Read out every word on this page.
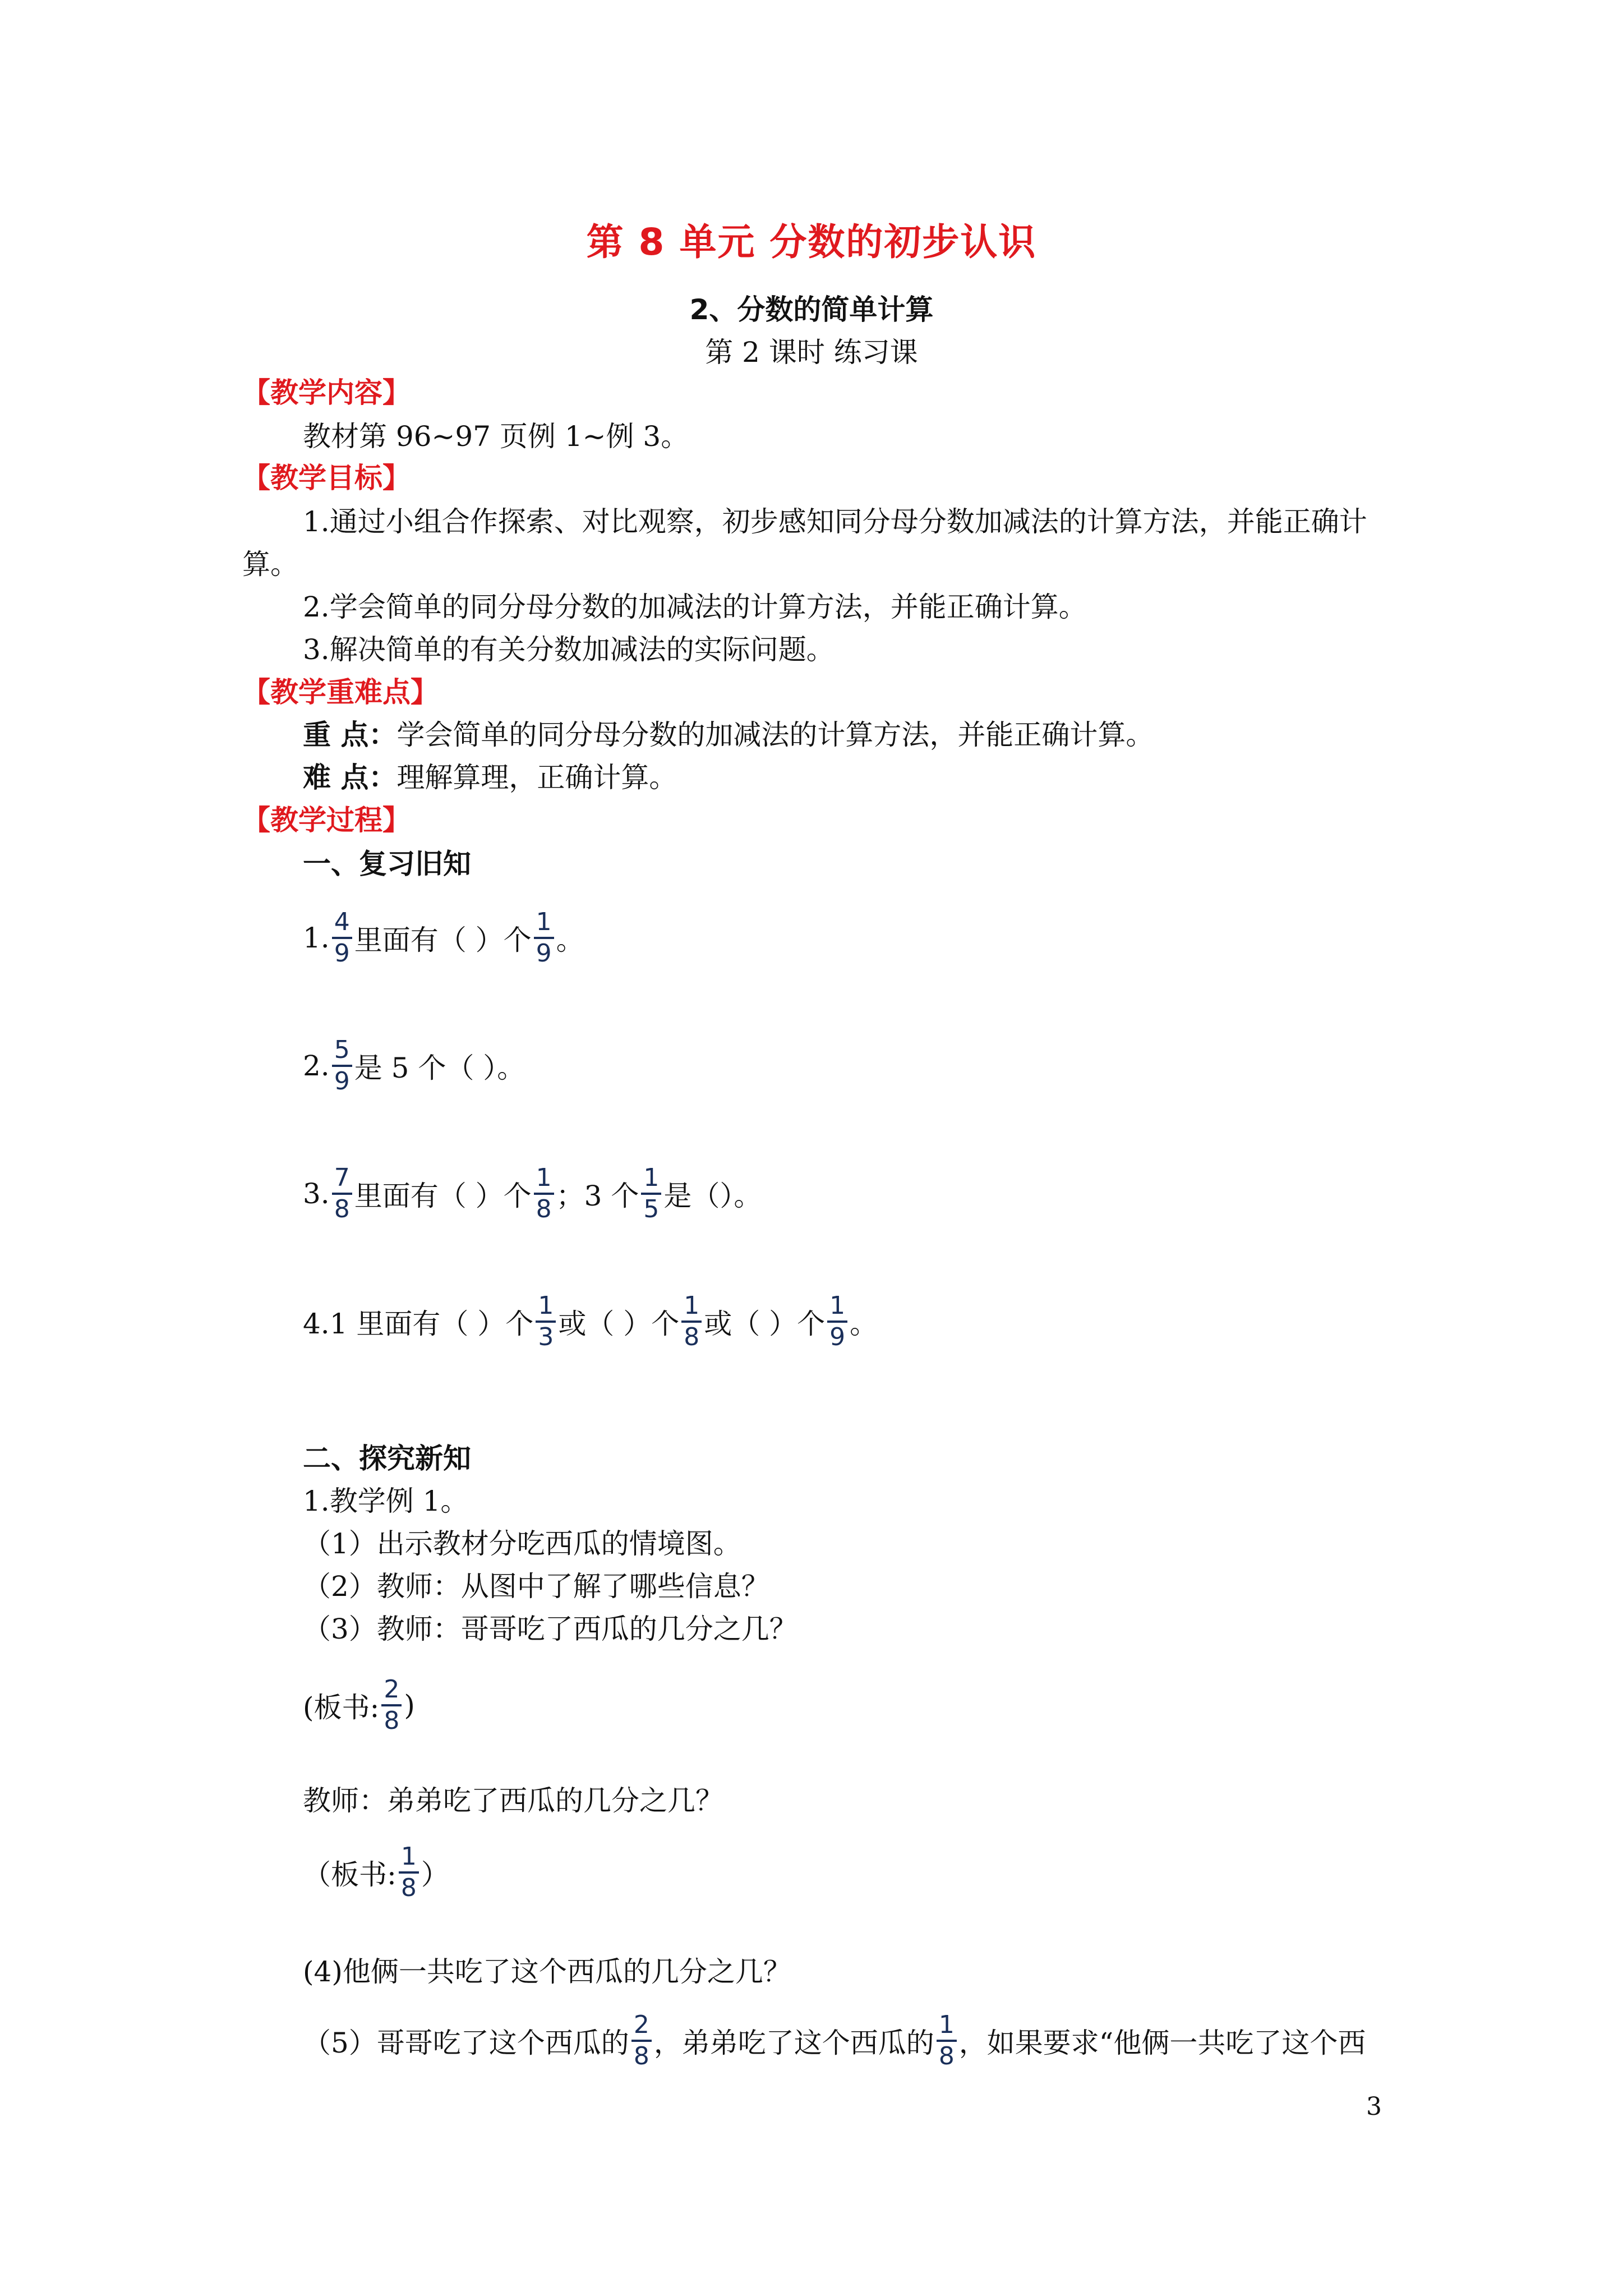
第 8 单元 分数的初步认识
2、分数的简单计算
第 2 课时 练习课
【教学内容】
教材第 96~97 页例 1~例 3。
【教学目标】
1.通过小组合作探索、对比观察，初步感知同分母分数加减法的计算方法，并能正确计
算。
2.学会简单的同分母分数的加减法的计算方法，并能正确计算。
3.解决简单的有关分数加减法的实际问题。
【教学重难点】
重 点：学会简单的同分母分数的加减法的计算方法，并能正确计算。
难 点：理解算理，正确计算。
【教学过程】
一、复习旧知
1. $\frac{4}{9}$ 里面有（ ）个 $\frac{1}{9}$ 。
2. $\frac{5}{9}$ 是 5 个（ ）。
3. $\frac{7}{8}$ 里面有（ ）个 $\frac{1}{8}$ ；3 个 $\frac{1}{5}$ 是（）。
4.1 里面有（ ）个 $\frac{1}{3}$ 或（ ）个 $\frac{1}{8}$ 或（ ）个 $\frac{1}{9}$ 。
二、探究新知
1.教学例 1。
（1）出示教材分吃西瓜的情境图。
（2）教师：从图中了解了哪些信息？
（3）教师：哥哥吃了西瓜的几分之几？
(板书: $\frac{2}{8}$ )
教师：弟弟吃了西瓜的几分之几？
（板书: $\frac{1}{8}$ ）
(4)他俩一共吃了这个西瓜的几分之几？
（5）哥哥吃了这个西瓜的 $\frac{2}{8}$ ，弟弟吃了这个西瓜的 $\frac{1}{8}$ ，如果要求“他俩一共吃了这个西
3
